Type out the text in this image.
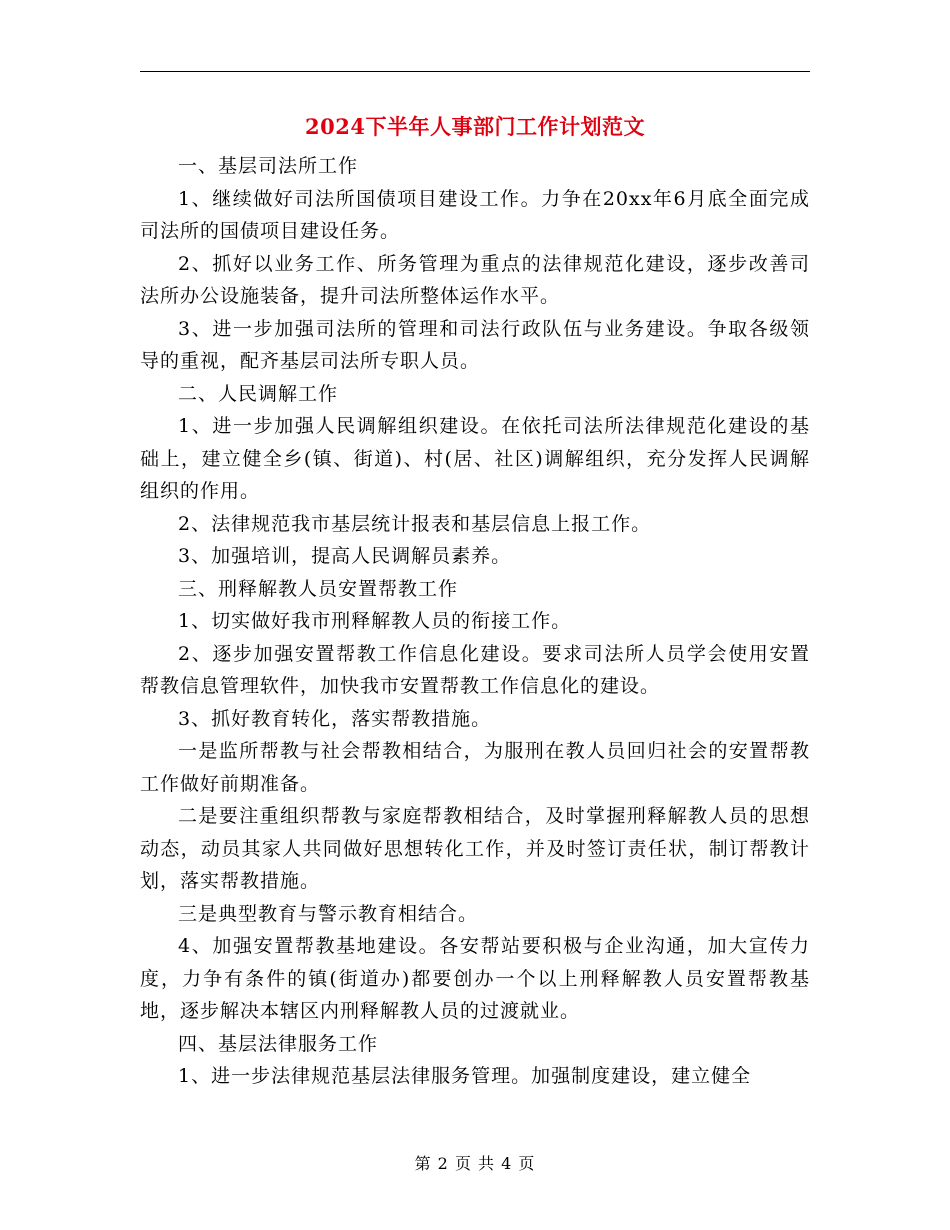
2024下半年人事部门工作计划范文

一、基层司法所工作

1、继续做好司法所国债项目建设工作。力争在20xx年6月底全面完成司法所的国债项目建设任务。

2、抓好以业务工作、所务管理为重点的法律规范化建设，逐步改善司法所办公设施装备，提升司法所整体运作水平。

3、进一步加强司法所的管理和司法行政队伍与业务建设。争取各级领导的重视，配齐基层司法所专职人员。

二、人民调解工作

1、进一步加强人民调解组织建设。在依托司法所法律规范化建设的基础上，建立健全乡(镇、街道)、村(居、社区)调解组织，充分发挥人民调解组织的作用。

2、法律规范我市基层统计报表和基层信息上报工作。

3、加强培训，提高人民调解员素养。

三、刑释解教人员安置帮教工作

1、切实做好我市刑释解教人员的衔接工作。

2、逐步加强安置帮教工作信息化建设。要求司法所人员学会使用安置帮教信息管理软件，加快我市安置帮教工作信息化的建设。

3、抓好教育转化，落实帮教措施。

一是监所帮教与社会帮教相结合，为服刑在教人员回归社会的安置帮教工作做好前期准备。

二是要注重组织帮教与家庭帮教相结合，及时掌握刑释解教人员的思想动态，动员其家人共同做好思想转化工作，并及时签订责任状，制订帮教计划，落实帮教措施。

三是典型教育与警示教育相结合。

4、加强安置帮教基地建设。各安帮站要积极与企业沟通，加大宣传力度，力争有条件的镇(街道办)都要创办一个以上刑释解教人员安置帮教基地，逐步解决本辖区内刑释解教人员的过渡就业。

四、基层法律服务工作

1、进一步法律规范基层法律服务管理。加强制度建设，建立健全

第 2 页 共 4 页
